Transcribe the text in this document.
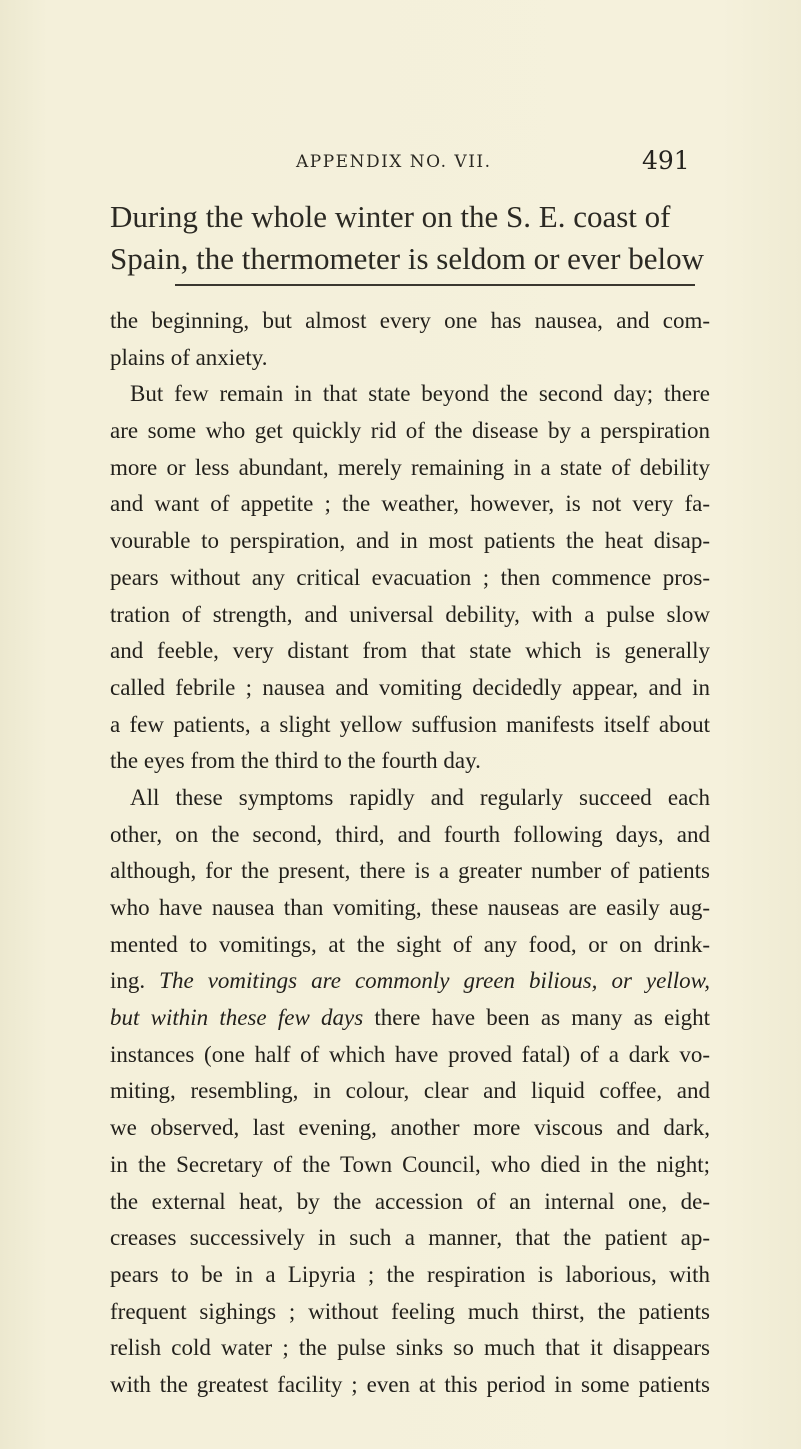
APPENDIX NO. VII.	491
During the whole winter on the S. E. coast of
Spain, the thermometer is seldom or ever below
the beginning, but almost every one has nausea, and com-
plains of anxiety.
But few remain in that state beyond the second day; there
are some who get quickly rid of the disease by a perspiration
more or less abundant, merely remaining in a state of debility
and want of appetite ; the weather, however, is not very fa-
vourable to perspiration, and in most patients the heat disap-
pears without any critical evacuation ; then commence pros-
tration of strength, and universal debility, with a pulse slow
and feeble, very distant from that state which is generally
called febrile ; nausea and vomiting decidedly appear, and in
a few patients, a slight yellow suffusion manifests itself about
the eyes from the third to the fourth day.
All these symptoms rapidly and regularly succeed each
other, on the second, third, and fourth following days, and
although, for the present, there is a greater number of patients
who have nausea than vomiting, these nauseas are easily aug-
mented to vomitings, at the sight of any food, or on drink-
ing. The vomitings are commonly green bilious, or yellow,
but within these few days there have been as many as eight
instances (one half of which have proved fatal) of a dark vo-
miting, resembling, in colour, clear and liquid coffee, and
we observed, last evening, another more viscous and dark,
in the Secretary of the Town Council, who died in the night;
the external heat, by the accession of an internal one, de-
creases successively in such a manner, that the patient ap-
pears to be in a Lipyria ; the respiration is laborious, with
frequent sighings ; without feeling much thirst, the patients
relish cold water ; the pulse sinks so much that it disappears
with the greatest facility ; even at this period in some patients
